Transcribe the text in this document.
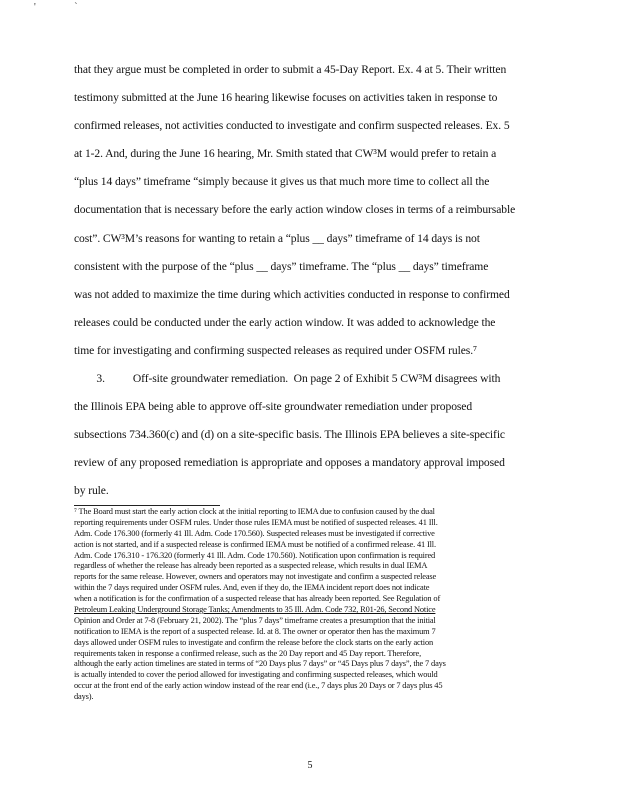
' `
that they argue must be completed in order to submit a 45-Day Report. Ex. 4 at 5. Their written
testimony submitted at the June 16 hearing likewise focuses on activities taken in response to
confirmed releases, not activities conducted to investigate and confirm suspected releases. Ex. 5
at 1-2. And, during the June 16 hearing, Mr. Smith stated that CW³M would prefer to retain a
“plus 14 days” timeframe “simply because it gives us that much more time to collect all the
documentation that is necessary before the early action window closes in terms of a reimbursable
cost”. CW³M’s reasons for wanting to retain a “plus __ days” timeframe of 14 days is not
consistent with the purpose of the “plus __ days” timeframe. The “plus __ days” timeframe
was not added to maximize the time during which activities conducted in response to confirmed
releases could be conducted under the early action window. It was added to acknowledge the
time for investigating and confirming suspected releases as required under OSFM rules.⁷
3.          Off-site groundwater remediation.  On page 2 of Exhibit 5 CW³M disagrees with
the Illinois EPA being able to approve off-site groundwater remediation under proposed
subsections 734.360(c) and (d) on a site-specific basis. The Illinois EPA believes a site-specific
review of any proposed remediation is appropriate and opposes a mandatory approval imposed
by rule.
⁷ The Board must start the early action clock at the initial reporting to IEMA due to confusion caused by the dual
reporting requirements under OSFM rules. Under those rules IEMA must be notified of suspected releases. 41 Ill.
Adm. Code 176.300 (formerly 41 Ill. Adm. Code 170.560). Suspected releases must be investigated if corrective
action is not started, and if a suspected release is confirmed IEMA must be notified of a confirmed release. 41 Ill.
Adm. Code 176.310 - 176.320 (formerly 41 Ill. Adm. Code 170.560). Notification upon confirmation is required
regardless of whether the release has already been reported as a suspected release, which results in dual IEMA
reports for the same release. However, owners and operators may not investigate and confirm a suspected release
within the 7 days required under OSFM rules. And, even if they do, the IEMA incident report does not indicate
when a notification is for the confirmation of a suspected release that has already been reported. See Regulation of
Petroleum Leaking Underground Storage Tanks; Amendments to 35 Ill. Adm. Code 732, R01-26, Second Notice
Opinion and Order at 7-8 (February 21, 2002). The “plus 7 days” timeframe creates a presumption that the initial
notification to IEMA is the report of a suspected release. Id. at 8. The owner or operator then has the maximum 7
days allowed under OSFM rules to investigate and confirm the release before the clock starts on the early action
requirements taken in response a confirmed release, such as the 20 Day report and 45 Day report. Therefore,
although the early action timelines are stated in terms of “20 Days plus 7 days” or “45 Days plus 7 days”, the 7 days
is actually intended to cover the period allowed for investigating and confirming suspected releases, which would
occur at the front end of the early action window instead of the rear end (i.e., 7 days plus 20 Days or 7 days plus 45
days).
5
